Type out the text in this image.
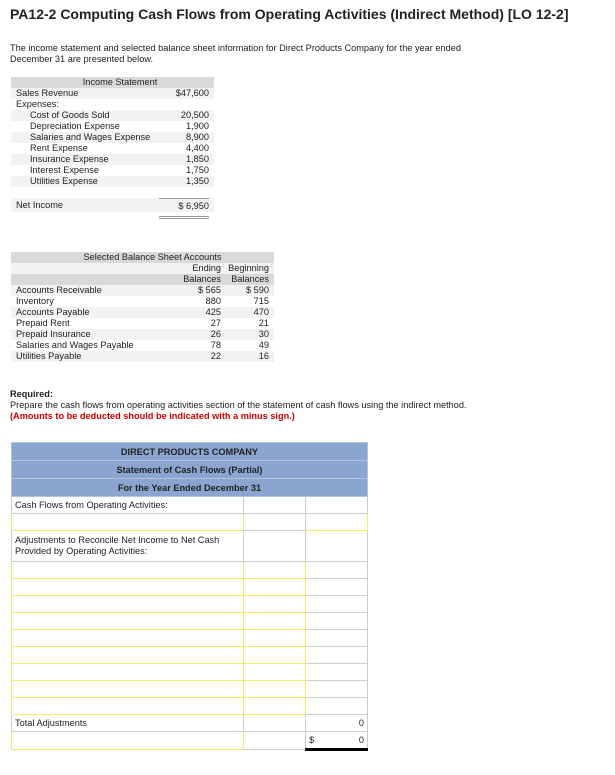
PA12-2 Computing Cash Flows from Operating Activities (Indirect Method) [LO 12-2]
The income statement and selected balance sheet information for Direct Products Company for the year ended December 31 are presented below.
Income Statement
Sales Revenue	$47,600
Expenses:
Cost of Goods Sold	20,500
Depreciation Expense	1,900
Salaries and Wages Expense	8,900
Rent Expense	4,400
Insurance Expense	1,850
Interest Expense	1,750
Utilities Expense	1,350
Net Income	$ 6,950
Selected Balance Sheet Accounts
Ending Beginning
Balances	Balances
Accounts Receivable	$ 565	$ 590
Inventory	880	715
Accounts Payable	425	470
Prepaid Rent	27	21
Prepaid Insurance	26	30
Salaries and Wages Payable	78	49
Utilities Payable	22	16
Required:
Prepare the cash flows from operating activities section of the statement of cash flows using the indirect method. (Amounts to be deducted should be indicated with a minus sign.)
DIRECT PRODUCTS COMPANY		
Statement of Cash Flows (Partial)		
For the Year Ended December 31		
Cash Flows from Operating Activities:		

Adjustments to Reconcile Net Income to Net Cash Provided by Operating Activities:		

Total Adjustments		0
		$ 0
